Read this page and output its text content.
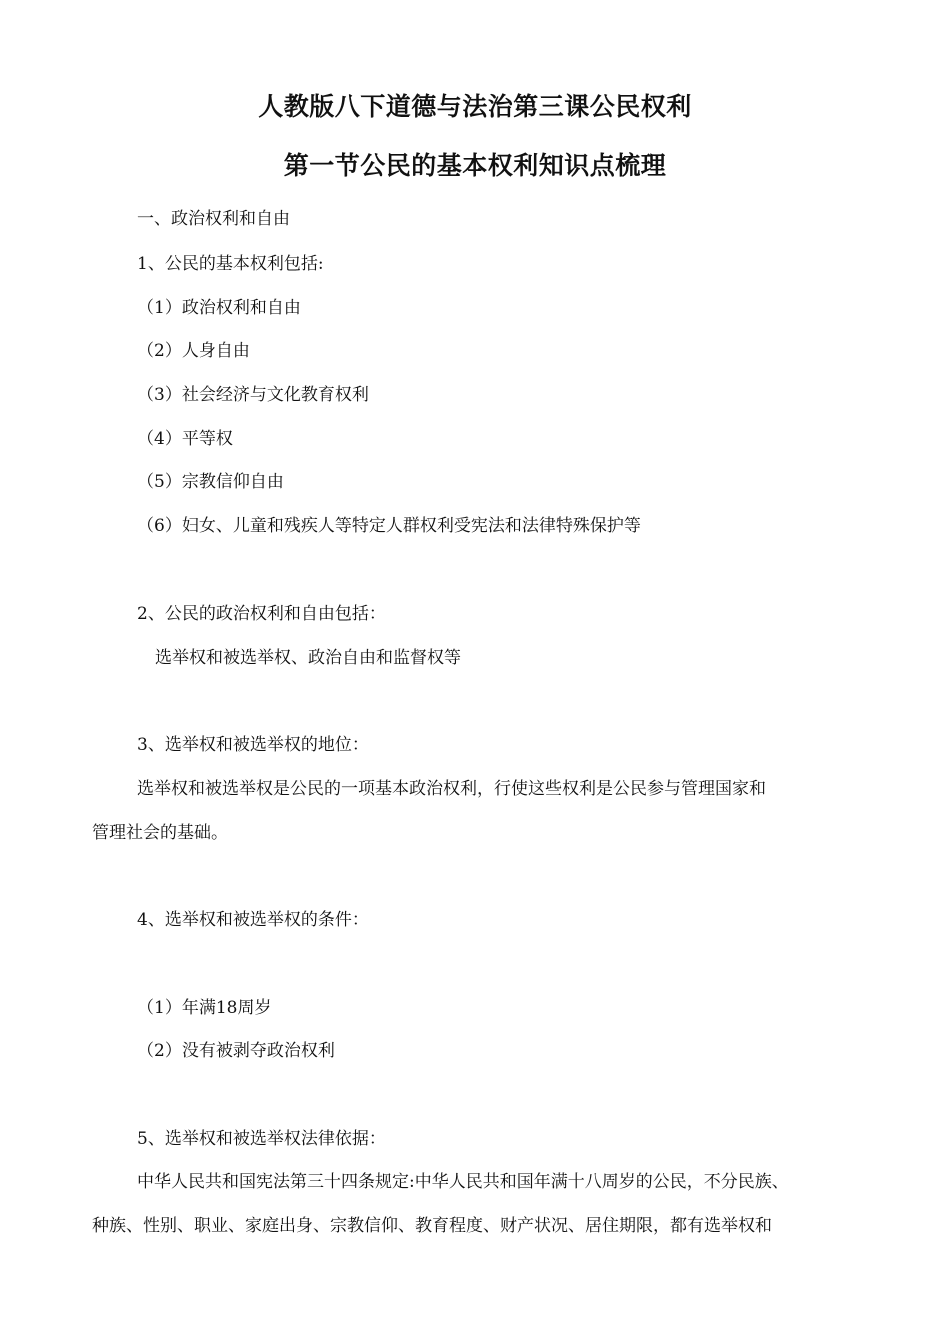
人教版八下道德与法治第三课公民权利
第一节公民的基本权利知识点梳理
一、政治权利和自由
1、公民的基本权利包括:
（1）政治权利和自由
（2）人身自由
（3）社会经济与文化教育权利
（4）平等权
（5）宗教信仰自由
（6）妇女、儿童和残疾人等特定人群权利受宪法和法律特殊保护等
2、公民的政治权利和自由包括：
选举权和被选举权、政治自由和监督权等
3、选举权和被选举权的地位：
选举权和被选举权是公民的一项基本政治权利，行使这些权利是公民参与管理国家和
管理社会的基础。
4、选举权和被选举权的条件：
（1）年满18周岁
（2）没有被剥夺政治权利
5、选举权和被选举权法律依据：
中华人民共和国宪法第三十四条规定:中华人民共和国年满十八周岁的公民，不分民族、
种族、性别、职业、家庭出身、宗教信仰、教育程度、财产状况、居住期限，都有选举权和
